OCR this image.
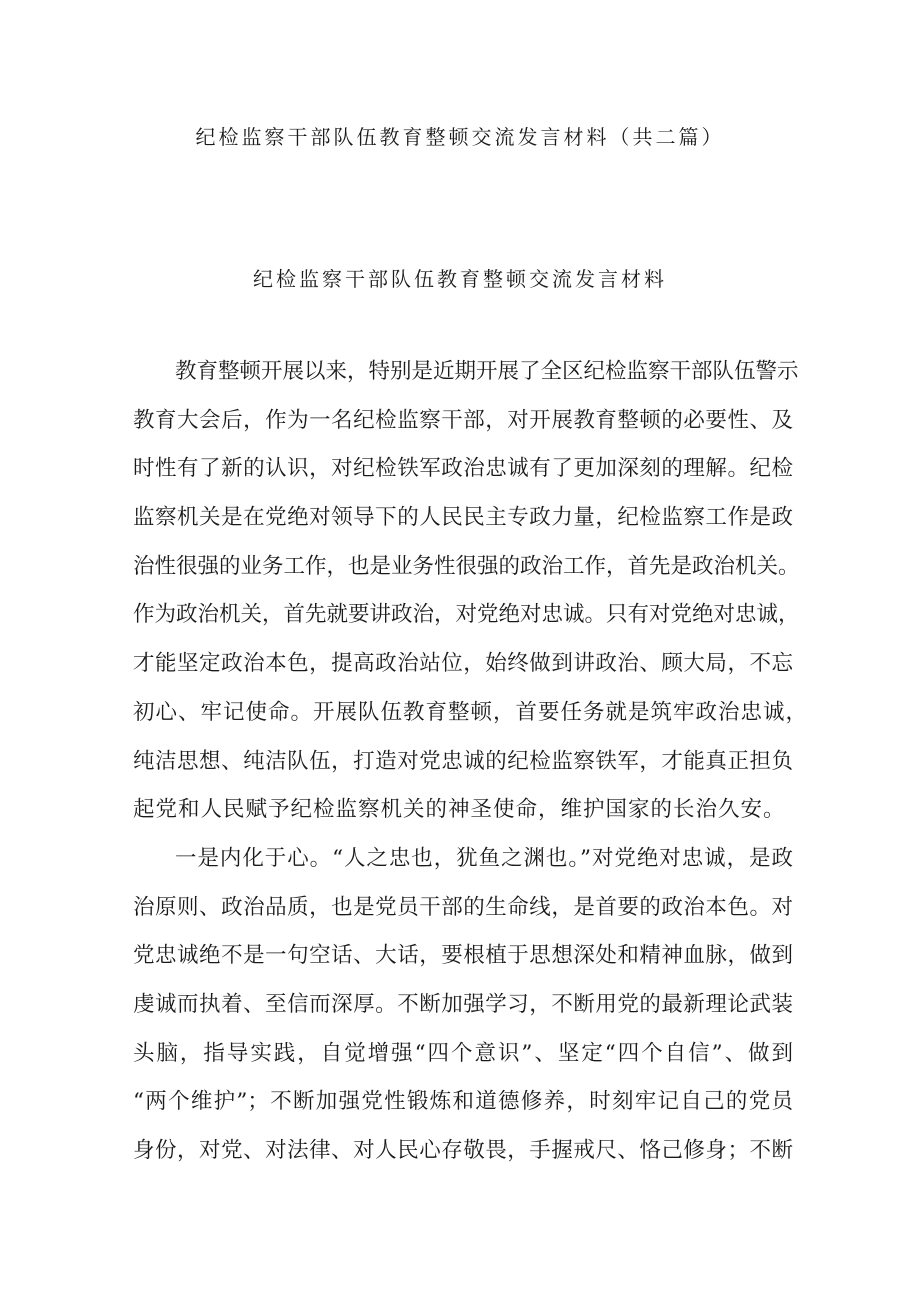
纪检监察干部队伍教育整顿交流发言材料（共二篇）
纪检监察干部队伍教育整顿交流发言材料
教育整顿开展以来，特别是近期开展了全区纪检监察干部队伍警示
教育大会后，作为一名纪检监察干部，对开展教育整顿的必要性、及
时性有了新的认识，对纪检铁军政治忠诚有了更加深刻的理解。纪检
监察机关是在党绝对领导下的人民民主专政力量，纪检监察工作是政
治性很强的业务工作，也是业务性很强的政治工作，首先是政治机关。
作为政治机关，首先就要讲政治，对党绝对忠诚。只有对党绝对忠诚，
才能坚定政治本色，提高政治站位，始终做到讲政治、顾大局，不忘
初心、牢记使命。开展队伍教育整顿，首要任务就是筑牢政治忠诚，
纯洁思想、纯洁队伍，打造对党忠诚的纪检监察铁军，才能真正担负
起党和人民赋予纪检监察机关的神圣使命，维护国家的长治久安。
一是内化于心。“人之忠也，犹鱼之渊也。”对党绝对忠诚，是政
治原则、政治品质，也是党员干部的生命线，是首要的政治本色。对
党忠诚绝不是一句空话、大话，要根植于思想深处和精神血脉，做到
虔诚而执着、至信而深厚。不断加强学习，不断用党的最新理论武装
头脑，指导实践，自觉增强“四个意识”、坚定“四个自信”、做到
“两个维护”；不断加强党性锻炼和道德修养，时刻牢记自己的党员
身份，对党、对法律、对人民心存敬畏，手握戒尺、恪己修身；不断
